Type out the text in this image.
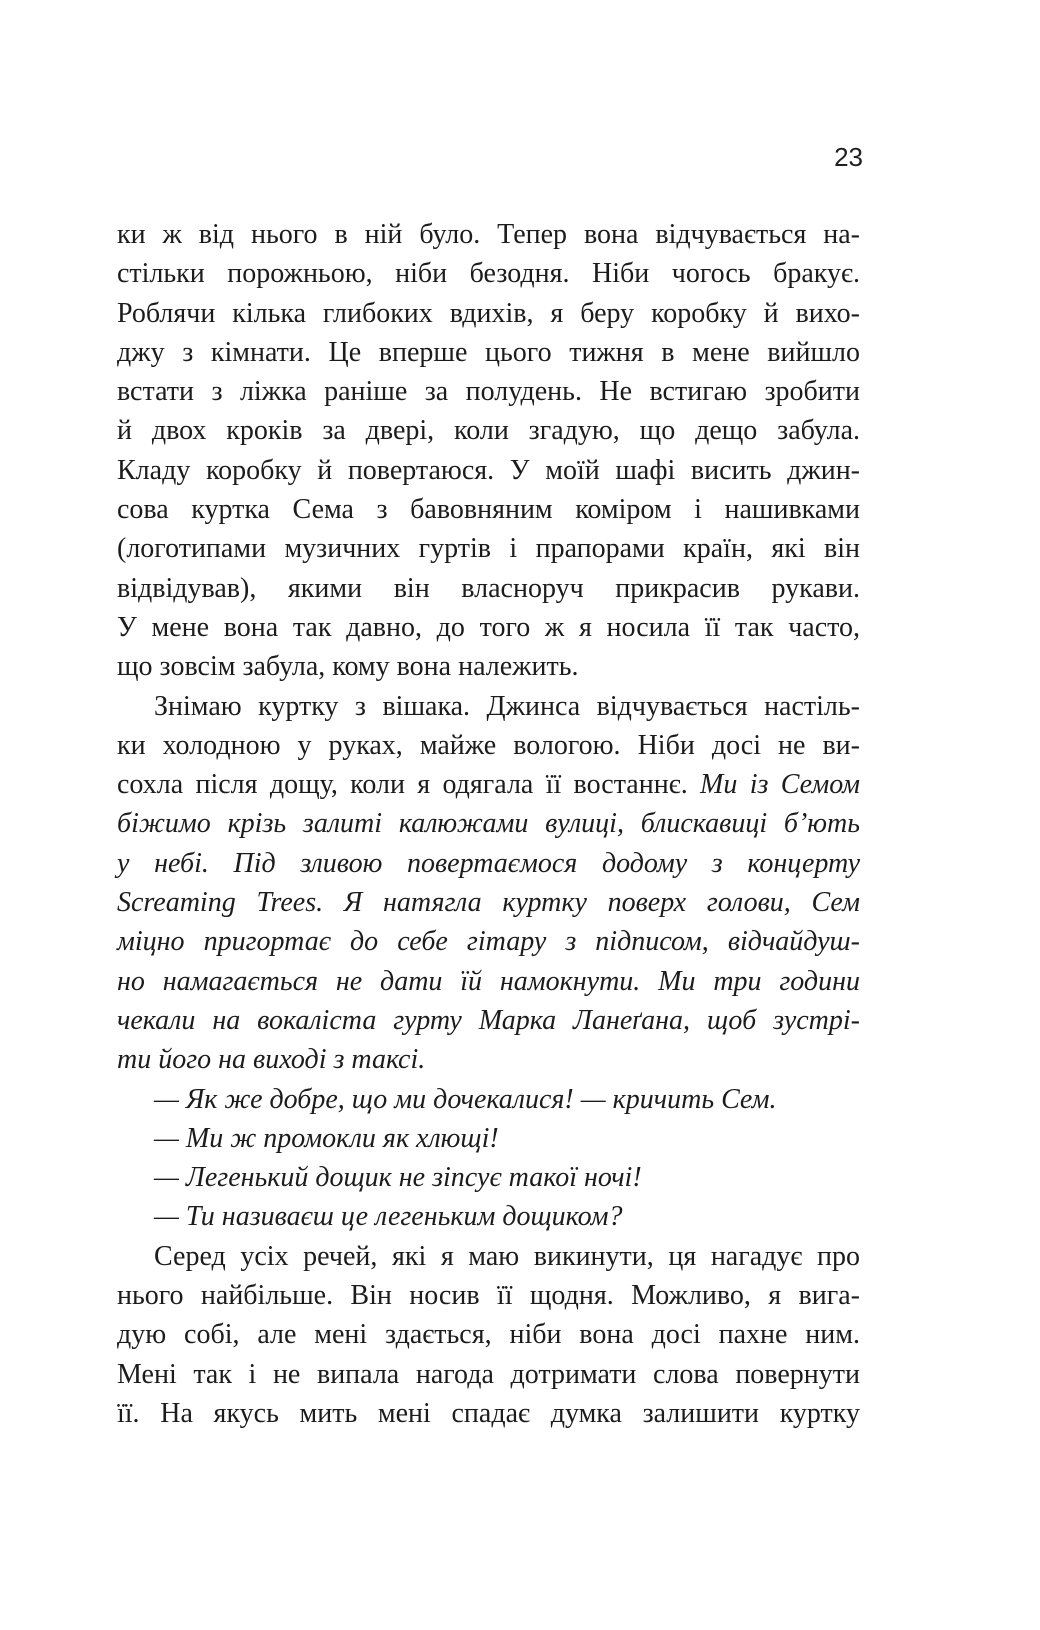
23
ки ж від нього в ній було. Тепер вона відчувається на-
стільки порожньою, ніби безодня. Ніби чогось бракує.
Роблячи кілька глибоких вдихів, я беру коробку й вихо-
джу з кімнати. Це вперше цього тижня в мене вийшло
встати з ліжка раніше за полудень. Не встигаю зробити
й двох кроків за двері, коли згадую, що дещо забула.
Кладу коробку й повертаюся. У моїй шафі висить джин-
сова куртка Сема з бавовняним коміром і нашивками
(логотипами музичних гуртів і прапорами країн, які він
відвідував), якими він власноруч прикрасив рукави.
У мене вона так давно, до того ж я носила її так часто,
що зовсім забула, кому вона належить.
Знімаю куртку з вішака. Джинса відчувається настіль-
ки холодною у руках, майже вологою. Ніби досі не ви-
сохла після дощу, коли я одягала її востаннє. Ми із Семом
біжимо крізь залиті калюжами вулиці, блискавиці б’ють
у небі. Під зливою повертаємося додому з концерту
Screaming Trees. Я натягла куртку поверх голови, Сем
міцно пригортає до себе гітару з підписом, відчайдуш-
но намагається не дати їй намокнути. Ми три години
чекали на вокаліста гурту Марка Ланеґана, щоб зустрі-
ти його на виході з таксі.
— Як же добре, що ми дочекалися! — кричить Сем.
— Ми ж промокли як хлющі!
— Легенький дощик не зіпсує такої ночі!
— Ти називаєш це легеньким дощиком?
Серед усіх речей, які я маю викинути, ця нагадує про
нього найбільше. Він носив її щодня. Можливо, я вига-
дую собі, але мені здається, ніби вона досі пахне ним.
Мені так і не випала нагода дотримати слова повернути
її. На якусь мить мені спадає думка залишити куртку
